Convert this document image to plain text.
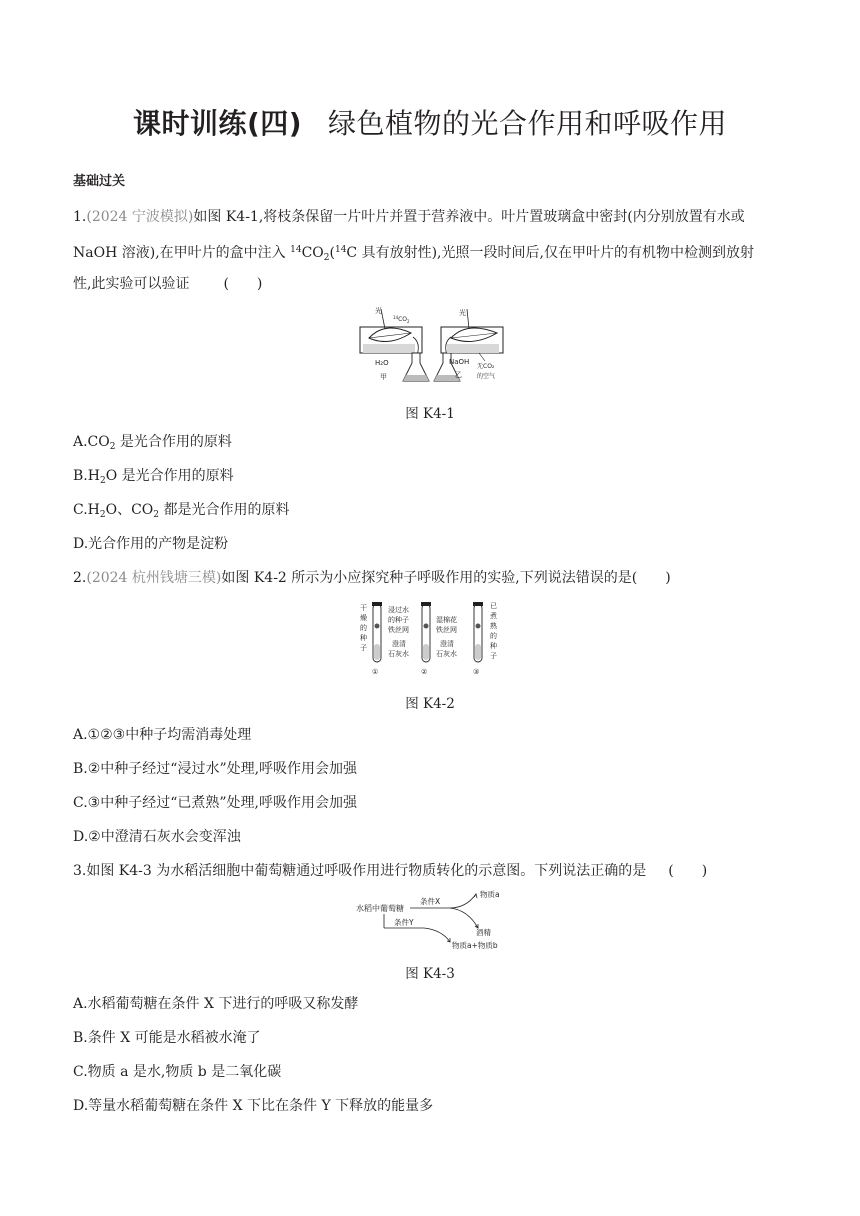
课时训练(四) 绿色植物的光合作用和呼吸作用
基础过关
1.(2024 宁波模拟)如图 K4-1,将枝条保留一片叶片并置于营养液中。叶片置玻璃盒中密封(内分别放置有水或
NaOH 溶液),在甲叶片的盒中注入 $^{14}CO_2(^{14}C$ 具有放射性),光照一段时间后,仅在甲叶片的有机物中检测到放射
性,此实验可以验证 (　　)
光
$^{14}CO_2$
H₂O
甲
光
NaOH
乙
无CO₂
的空气
图 K4-1
$A.CO_2$ 是光合作用的原料
$B.H_2O$ 是光合作用的原料
$C.H_2O$、$CO_2$ 都是光合作用的原料
D.光合作用的产物是淀粉
2.(2024 杭州钱塘三模)如图 K4-2 所示为小应探究种子呼吸作用的实验,下列说法错误的是(　　)
干
燥
的
种
子
浸过水
的种子
铁丝网
澄清
石灰水
湿棉花
铁丝网
澄清
石灰水
已
煮
熟
的
种
子
①	②	③
图 K4-2
A.①②③中种子均需消毒处理
B.②中种子经过“浸过水”处理,呼吸作用会加强
C.③中种子经过“已煮熟”处理,呼吸作用会加强
D.②中澄清石灰水会变浑浊
3.如图 K4-3 为水稻活细胞中葡萄糖通过呼吸作用进行物质转化的示意图。下列说法正确的是 (　　)
水稻中葡萄糖
条件X
物质a
酒精
条件Y
物质a+物质b
图 K4-3
A.水稻葡萄糖在条件 X 下进行的呼吸又称发酵
B.条件 X 可能是水稻被水淹了
C.物质 a 是水,物质 b 是二氧化碳
D.等量水稻葡萄糖在条件 X 下比在条件 Y 下释放的能量多
